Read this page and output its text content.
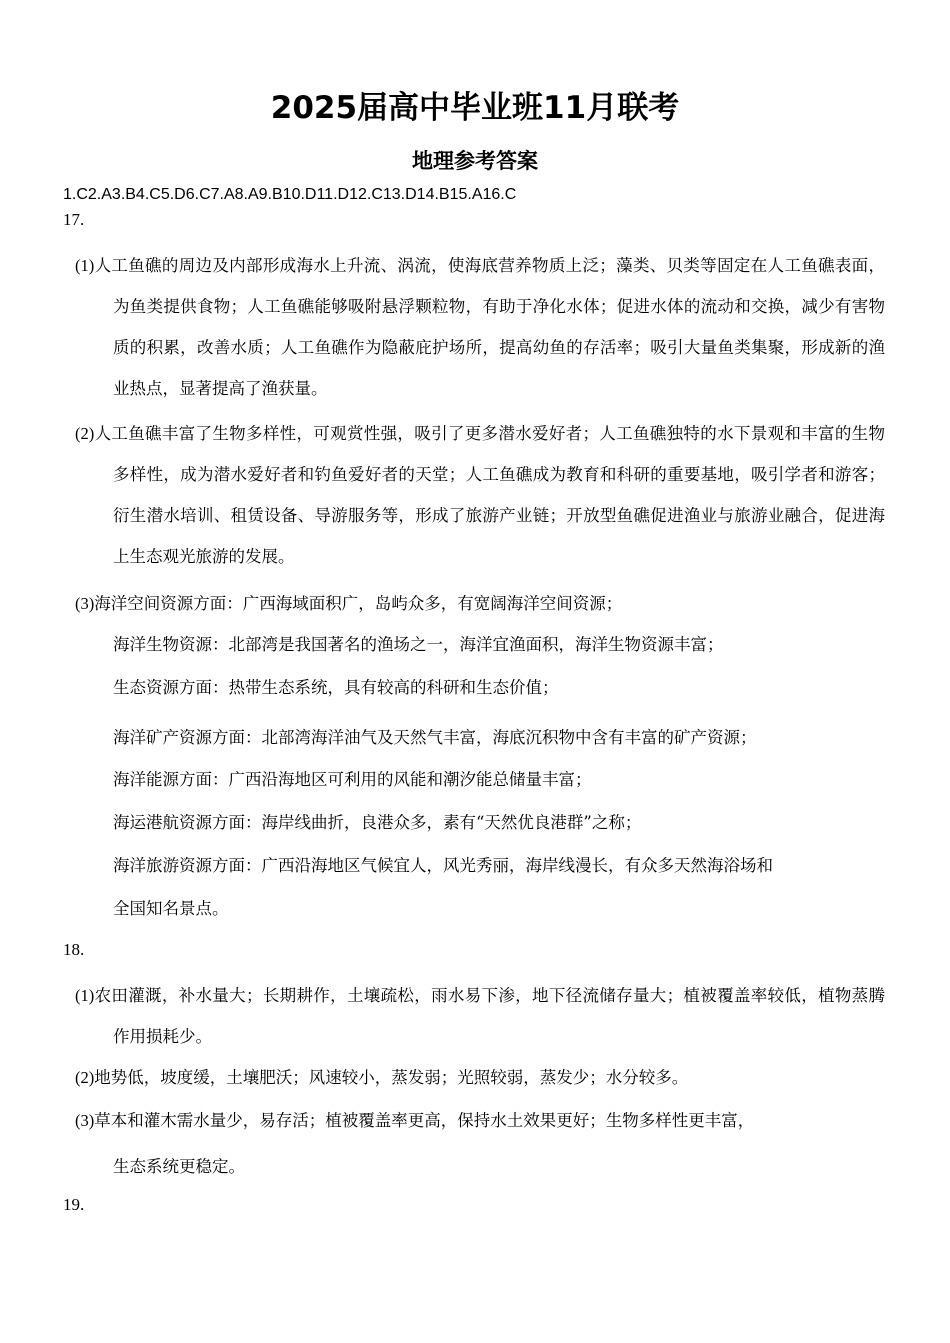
2025届高中毕业班11月联考
地理参考答案
1.C2.A3.B4.C5.D6.C7.A8.A9.B10.D11.D12.C13.D14.B15.A16.C
17.
(1)人工鱼礁的周边及内部形成海水上升流、涡流，使海底营养物质上泛；藻类、贝类等固定在人工鱼礁表面，为鱼类提供食物；人工鱼礁能够吸附悬浮颗粒物，有助于净化水体；促进水体的流动和交换，减少有害物质的积累，改善水质；人工鱼礁作为隐蔽庇护场所，提高幼鱼的存活率；吸引大量鱼类集聚，形成新的渔业热点，显著提高了渔获量。
(2)人工鱼礁丰富了生物多样性，可观赏性强，吸引了更多潜水爱好者；人工鱼礁独特的水下景观和丰富的生物多样性，成为潜水爱好者和钓鱼爱好者的天堂；人工鱼礁成为教育和科研的重要基地，吸引学者和游客；衍生潜水培训、租赁设备、导游服务等，形成了旅游产业链；开放型鱼礁促进渔业与旅游业融合，促进海上生态观光旅游的发展。
(3)海洋空间资源方面：广西海域面积广，岛屿众多，有宽阔海洋空间资源；
海洋生物资源：北部湾是我国著名的渔场之一，海洋宜渔面积，海洋生物资源丰富；
生态资源方面：热带生态系统，具有较高的科研和生态价值；
海洋矿产资源方面：北部湾海洋油气及天然气丰富，海底沉积物中含有丰富的矿产资源；
海洋能源方面：广西沿海地区可利用的风能和潮汐能总储量丰富；
海运港航资源方面：海岸线曲折，良港众多，素有“天然优良港群”之称；
海洋旅游资源方面：广西沿海地区气候宜人，风光秀丽，海岸线漫长，有众多天然海浴场和
全国知名景点。
18.
(1)农田灌溉，补水量大；长期耕作，土壤疏松，雨水易下渗，地下径流储存量大；植被覆盖率较低，植物蒸腾作用损耗少。
(2)地势低，坡度缓，土壤肥沃；风速较小，蒸发弱；光照较弱，蒸发少；水分较多。
(3)草本和灌木需水量少，易存活；植被覆盖率更高，保持水土效果更好；生物多样性更丰富，
生态系统更稳定。
19.
